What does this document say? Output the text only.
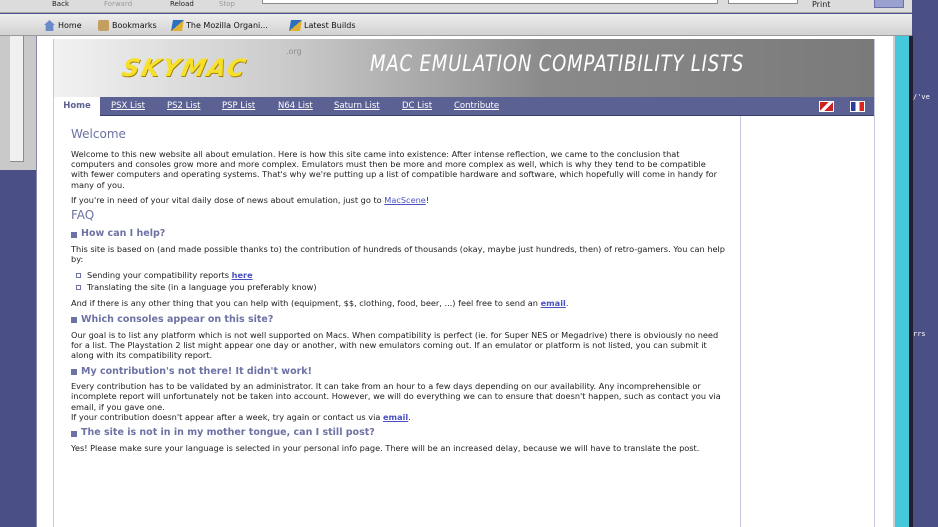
Back	Forward	Reload	Stop	Print
Home	Bookmarks	The Mozilla Organi...	Latest Builds
SKYMAC
.org
MAC EMULATION COMPATIBILITY LISTS
Home	PSX List	PS2 List	PSP List	N64 List	Saturn List	DC List	Contribute
Welcome
Welcome to this new website all about emulation. Here is how this site came into existence: After intense reflection, we came to the conclusion that computers and consoles grow more and more complex. Emulators must then be more and more complex as well, which is why they tend to be compatible with fewer computers and operating systems. That's why we're putting up a list of compatible hardware and software, which hopefully will come in handy for many of you.
If you're in need of your vital daily dose of news about emulation, just go to MacScene!
FAQ
How can I help?
This site is based on (and made possible thanks to) the contribution of hundreds of thousands (okay, maybe just hundreds, then) of retro-gamers. You can help by:
Sending your compatibility reports
here
Translating the site (in a language you preferably know)
And if there is any other thing that you can help with (equipment, $$, clothing, food, beer, ...) feel free to send an email.
Which consoles appear on this site?
Our goal is to list any platform which is not well supported on Macs. When compatibility is perfect (ie. for Super NES or Megadrive) there is obviously no need for a list. The Playstation 2 list might appear one day or another, with new emulators coming out. If an emulator or platform is not listed, you can submit it along with its compatibility report.
My contribution's not there! It didn't work!
Every contribution has to be validated by an administrator. It can take from an hour to a few days depending on our availability. Any incomprehensible or incomplete report will unfortunately not be taken into account. However, we will do everything we can to ensure that doesn't happen, such as contact you via email, if you gave one.
If your contribution doesn't appear after a week, try again or contact us via email.
The site is not in in my mother tongue, can I still post?
Yes! Please make sure your language is selected in your personal info page. There will be an increased delay, because we will have to translate the post.
/'ve
rrs
